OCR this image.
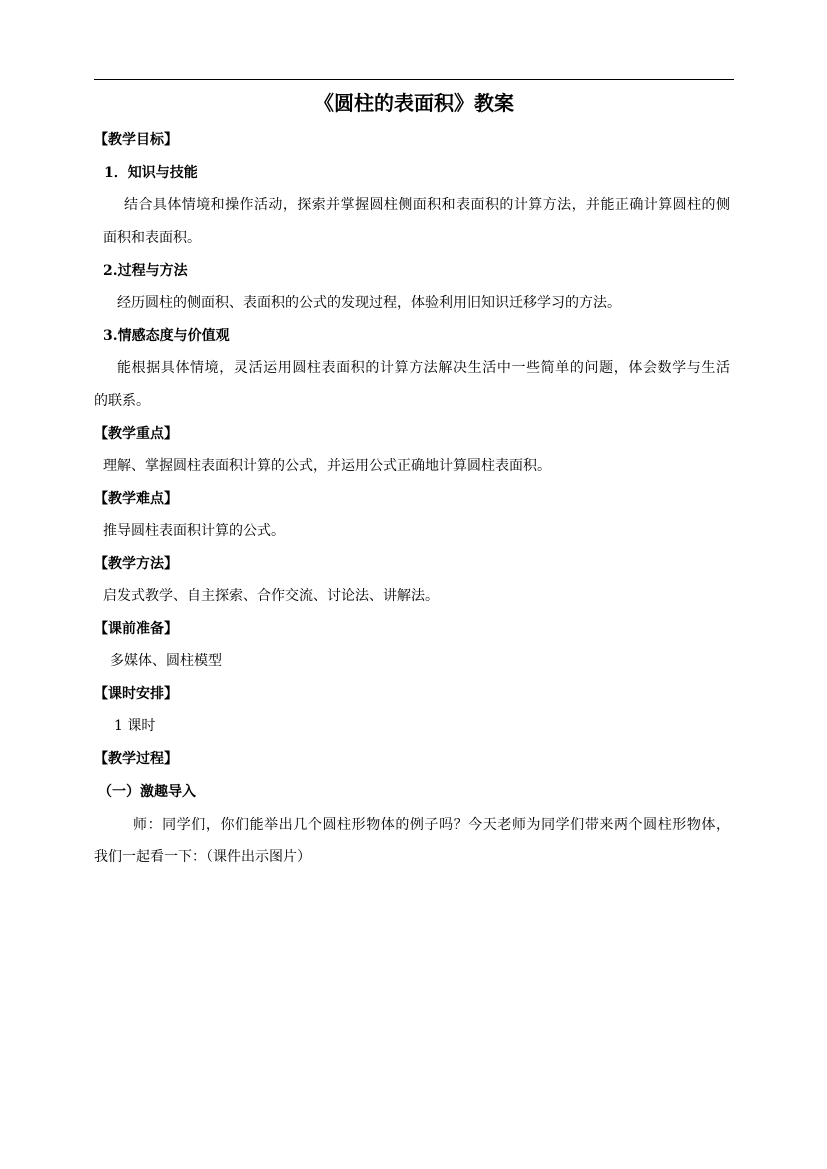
《圆柱的表面积》教案
【教学目标】
1．知识与技能
结合具体情境和操作活动，探索并掌握圆柱侧面积和表面积的计算方法，并能正确计算圆柱的侧
面积和表面积。
2.过程与方法
经历圆柱的侧面积、表面积的公式的发现过程，体验利用旧知识迁移学习的方法。
3.情感态度与价值观
能根据具体情境，灵活运用圆柱表面积的计算方法解决生活中一些简单的问题，体会数学与生活
的联系。
【教学重点】
理解、掌握圆柱表面积计算的公式，并运用公式正确地计算圆柱表面积。
【教学难点】
推导圆柱表面积计算的公式。
【教学方法】
启发式教学、自主探索、合作交流、讨论法、讲解法。
【课前准备】
多媒体、圆柱模型
【课时安排】
1 课时
【教学过程】
（一）激趣导入
师：同学们，你们能举出几个圆柱形物体的例子吗？今天老师为同学们带来两个圆柱形物体，
我们一起看一下：（课件出示图片）
